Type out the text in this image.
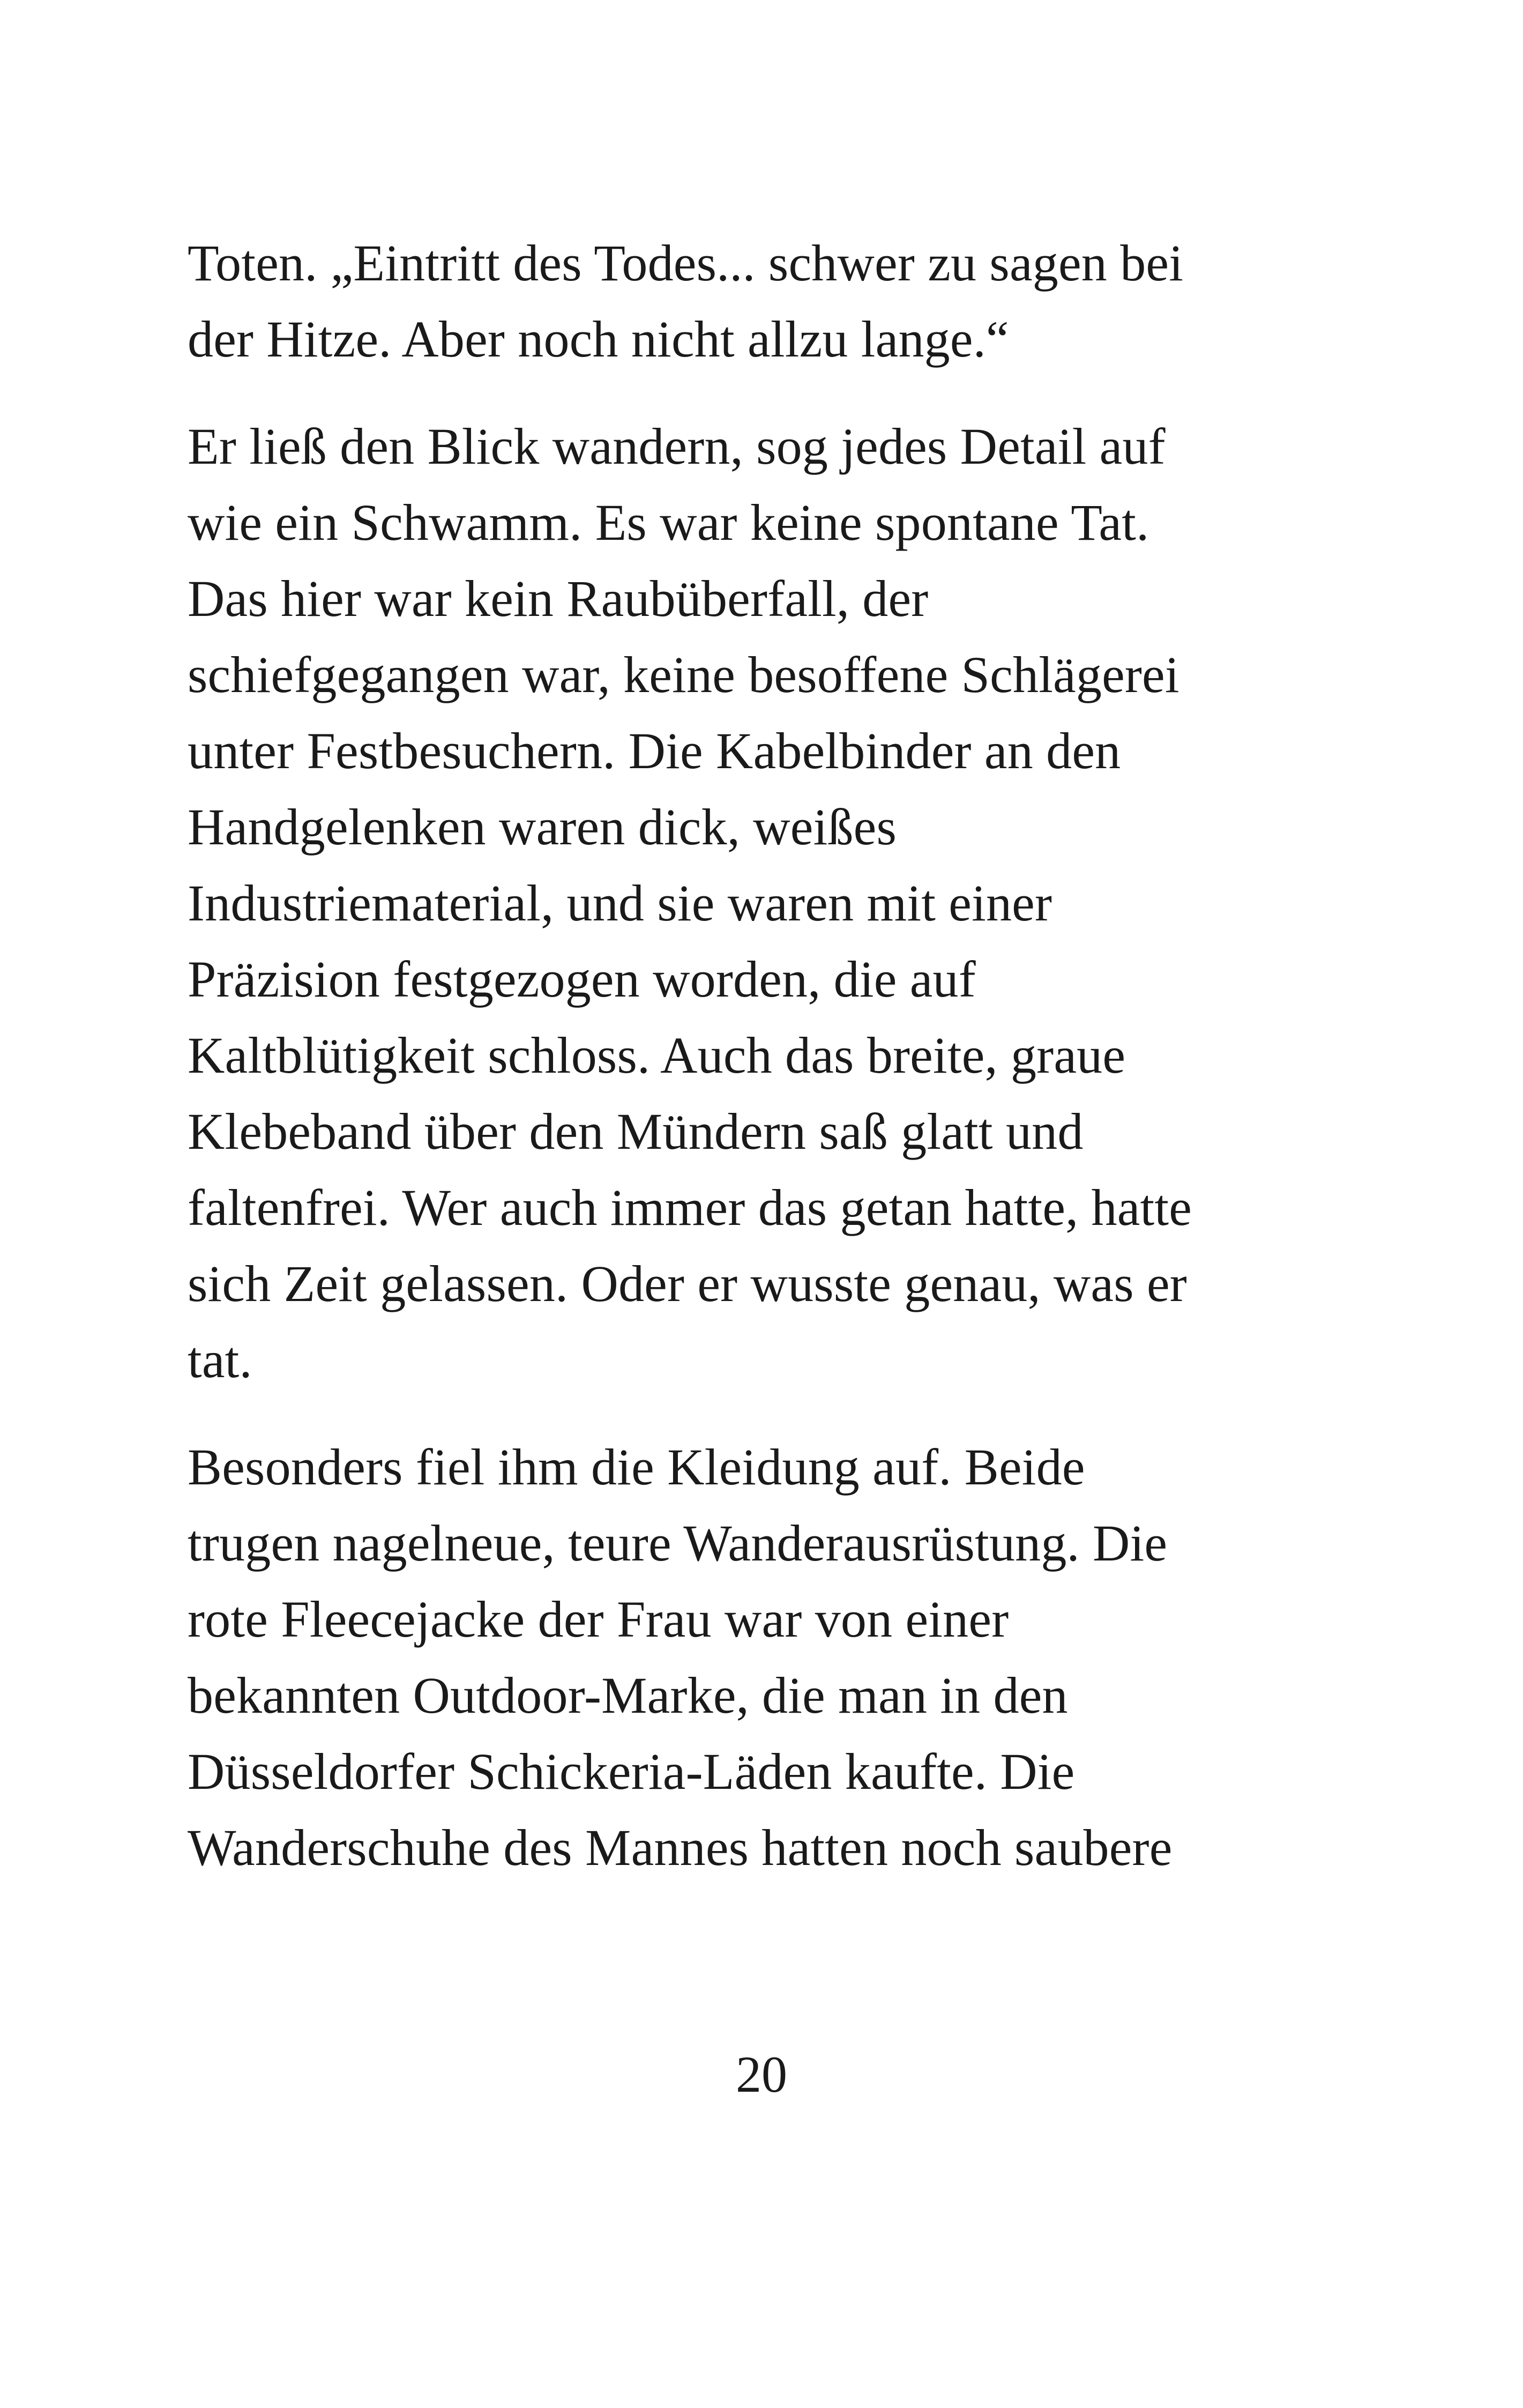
Toten. „Eintritt des Todes... schwer zu sagen bei
der Hitze. Aber noch nicht allzu lange.“

Er ließ den Blick wandern, sog jedes Detail auf
wie ein Schwamm. Es war keine spontane Tat.
Das hier war kein Raubüberfall, der
schiefgegangen war, keine besoffene Schlägerei
unter Festbesuchern. Die Kabelbinder an den
Handgelenken waren dick, weißes
Industriematerial, und sie waren mit einer
Präzision festgezogen worden, die auf
Kaltblütigkeit schloss. Auch das breite, graue
Klebeband über den Mündern saß glatt und
faltenfrei. Wer auch immer das getan hatte, hatte
sich Zeit gelassen. Oder er wusste genau, was er
tat.

Besonders fiel ihm die Kleidung auf. Beide
trugen nagelneue, teure Wanderausrüstung. Die
rote Fleecejacke der Frau war von einer
bekannten Outdoor-Marke, die man in den
Düsseldorfer Schickeria-Läden kaufte. Die
Wanderschuhe des Mannes hatten noch saubere

20
